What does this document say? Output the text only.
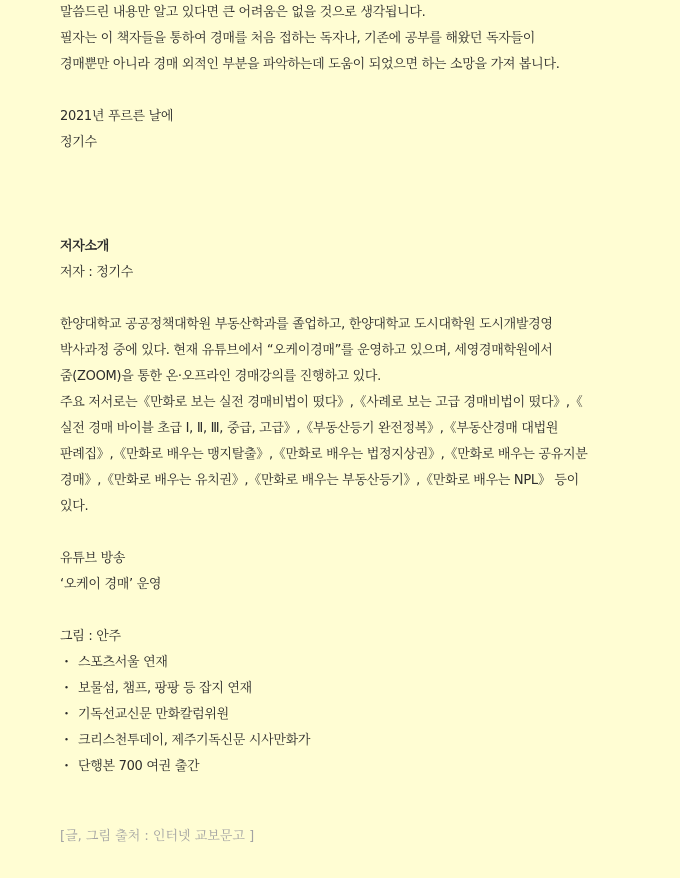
말씀드린 내용만 알고 있다면 큰 어려움은 없을 것으로 생각됩니다.
필자는 이 책자들을 통하여 경매를 처음 접하는 독자나, 기존에 공부를 해왔던 독자들이
경매뿐만 아니라 경매 외적인 부분을 파악하는데 도움이 되었으면 하는 소망을 가져 봅니다.
2021년 푸르른 날에
정기수
저자소개
저자 : 정기수
한양대학교 공공정책대학원 부동산학과를 졸업하고, 한양대학교 도시대학원 도시개발경영
박사과정 중에 있다. 현재 유튜브에서 “오케이경매”를 운영하고 있으며, 세영경매학원에서
줌(ZOOM)을 통한 온·오프라인 경매강의를 진행하고 있다.
주요 저서로는《만화로 보는 실전 경매비법이 떴다》,《사례로 보는 고급 경매비법이 떴다》,《
실전 경매 바이블 초급 Ⅰ, Ⅱ, Ⅲ, 중급, 고급》,《부동산등기 완전정복》,《부동산경매 대법원
판례집》,《만화로 배우는 맹지탈출》,《만화로 배우는 법정지상권》,《만화로 배우는 공유지분
경매》,《만화로 배우는 유치권》,《만화로 배우는 부동산등기》,《만화로 배우는 NPL》 등이
있다.
유튜브 방송
‘오케이 경매’ 운영
그림 : 안주
・ 스포츠서울 연재
・ 보물섬, 챔프, 팡팡 등 잡지 연재
・ 기독선교신문 만화칼럼위원
・ 크리스천투데이, 제주기독신문 시사만화가
・ 단행본 700 여권 출간
[글, 그림 출처 : 인터넷 교보문고 ]
